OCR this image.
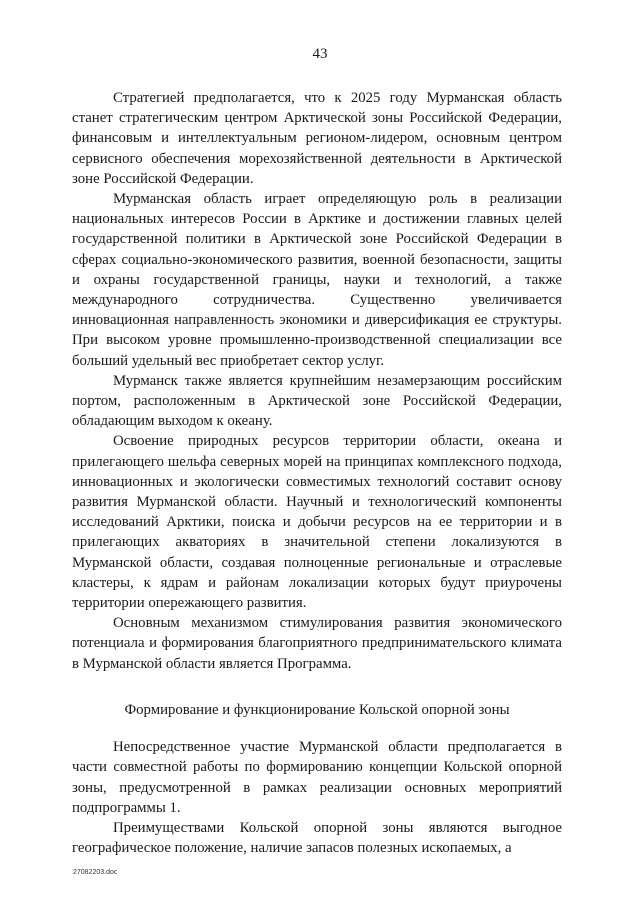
43

Стратегией предполагается, что к 2025 году Мурманская область станет стратегическим центром Арктической зоны Российской Федерации, финансовым и интеллектуальным регионом-лидером, основным центром сервисного обеспечения морехозяйственной деятельности в Арктической зоне Российской Федерации.

Мурманская область играет определяющую роль в реализации национальных интересов России в Арктике и достижении главных целей государственной политики в Арктической зоне Российской Федерации в сферах социально-экономического развития, военной безопасности, защиты и охраны государственной границы, науки и технологий, а также международного сотрудничества. Существенно увеличивается инновационная направленность экономики и диверсификация ее структуры. При высоком уровне промышленно-производственной специализации все больший удельный вес приобретает сектор услуг.

Мурманск также является крупнейшим незамерзающим российским портом, расположенным в Арктической зоне Российской Федерации, обладающим выходом к океану.

Освоение природных ресурсов территории области, океана и прилегающего шельфа северных морей на принципах комплексного подхода, инновационных и экологически совместимых технологий составит основу развития Мурманской области. Научный и технологический компоненты исследований Арктики, поиска и добычи ресурсов на ее территории и в прилегающих акваториях в значительной степени локализуются в Мурманской области, создавая полноценные региональные и отраслевые кластеры, к ядрам и районам локализации которых будут приурочены территории опережающего развития.

Основным механизмом стимулирования развития экономического потенциала и формирования благоприятного предпринимательского климата в Мурманской области является Программа.

Формирование и функционирование Кольской опорной зоны

Непосредственное участие Мурманской области предполагается в части совместной работы по формированию концепции Кольской опорной зоны, предусмотренной в рамках реализации основных мероприятий подпрограммы 1.

Преимуществами Кольской опорной зоны являются выгодное географическое положение, наличие запасов полезных ископаемых, а

27082203.doc
